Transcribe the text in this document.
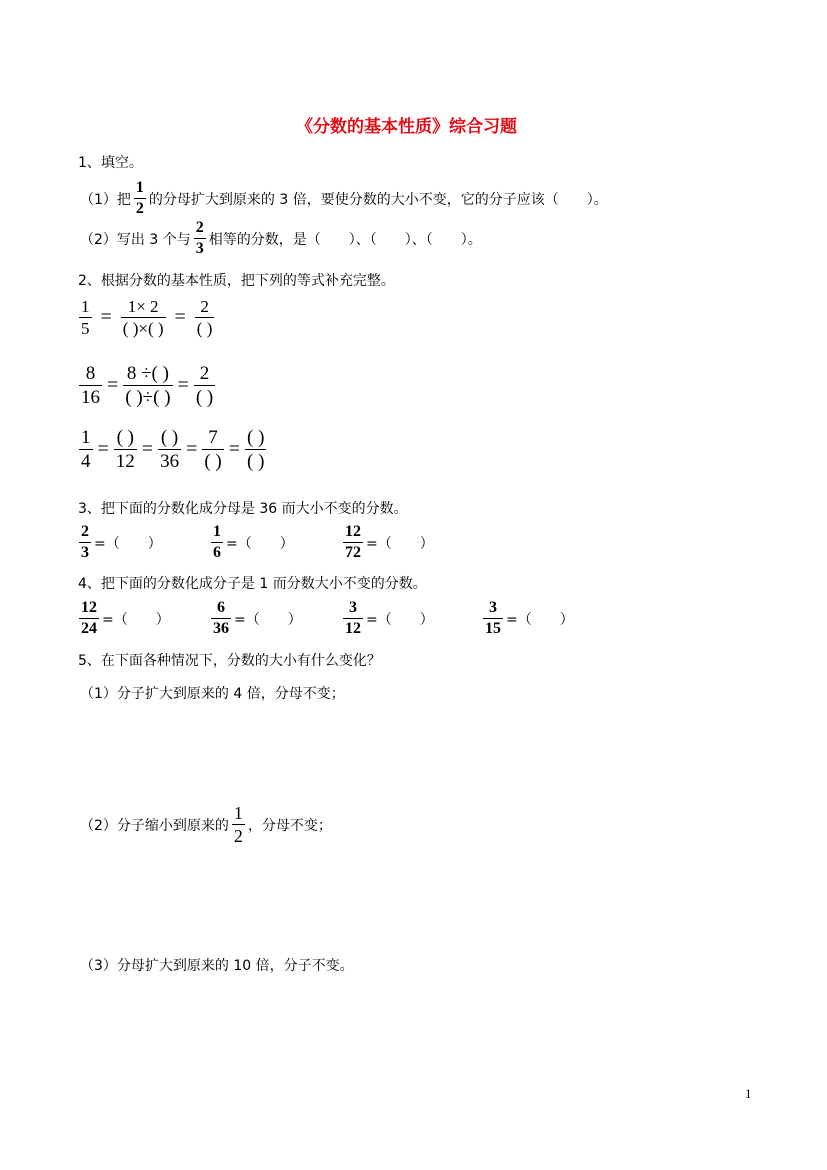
《分数的基本性质》综合习题
1、填空。
（1）把 $\frac{1}{2}$ 的分母扩大到原来的 3 倍，要使分数的大小不变，它的分子应该（　　）。
（2）写出 3 个与 $\frac{2}{3}$ 相等的分数，是（　　）、（　　）、（　　）。
2、根据分数的基本性质，把下列的等式补充完整。
$\frac{1}{5} = \frac{1\times 2}{( )\times( )} = \frac{2}{( )}$
$\frac{8}{16} = \frac{8 \div( )}{( )\div( )} = \frac{2}{( )}$
$\frac{1}{4} = \frac{( )}{12} = \frac{( )}{36} = \frac{7}{( )} = \frac{( )}{( )}$
3、把下面的分数化成分母是 36 而大小不变的分数。
$\frac{2}{3}$ =（　　）	$\frac{1}{6}$ =（　　）	$\frac{12}{72}$ =（　　）
4、把下面的分数化成分子是 1 而分数大小不变的分数。
$\frac{12}{24}$ =（　　）	$\frac{6}{36}$ =（　　）	$\frac{3}{12}$ =（　　）	$\frac{3}{15}$ =（　　）
5、在下面各种情况下，分数的大小有什么变化？
（1）分子扩大到原来的 4 倍，分母不变；
（2）分子缩小到原来的 $\frac{1}{2}$ ，分母不变；
（3）分母扩大到原来的 10 倍，分子不变。
1
